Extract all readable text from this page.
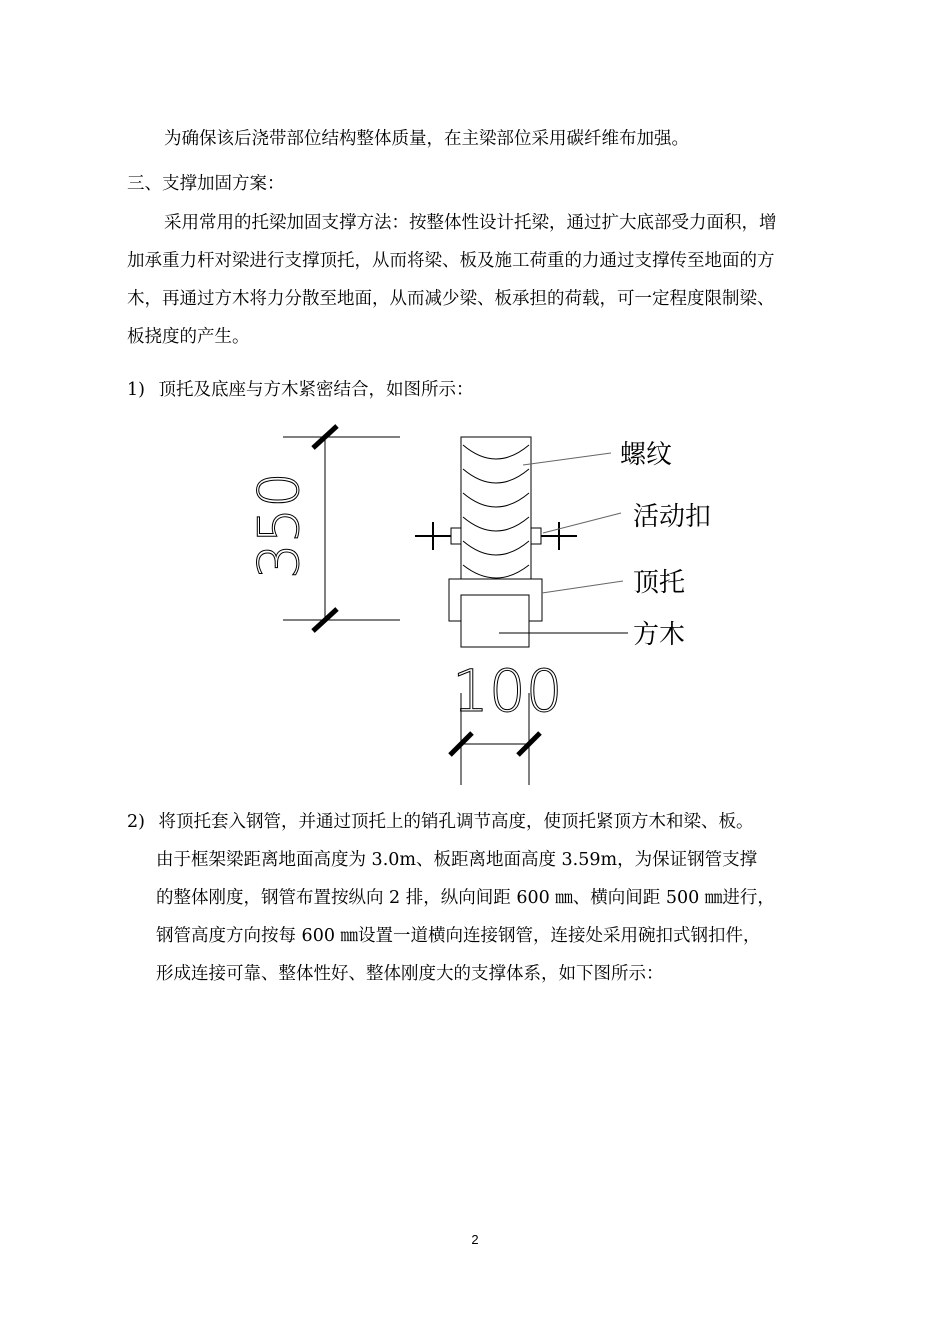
为确保该后浇带部位结构整体质量，在主梁部位采用碳纤维布加强。
三、支撑加固方案：
采用常用的托梁加固支撑方法：按整体性设计托梁，通过扩大底部受力面积，增
加承重力杆对梁进行支撑顶托，从而将梁、板及施工荷重的力通过支撑传至地面的方
木，再通过方木将力分散至地面，从而减少梁、板承担的荷载，可一定程度限制梁、
板挠度的产生。
1) 顶托及底座与方木紧密结合，如图所示：
350
螺纹
活动扣
顶托
方木
100
2) 将顶托套入钢管，并通过顶托上的销孔调节高度，使顶托紧顶方木和梁、板。
由于框架梁距离地面高度为 3.0m、板距离地面高度 3.59m，为保证钢管支撑
的整体刚度，钢管布置按纵向 2 排，纵向间距 600 ㎜、横向间距 500 ㎜进行，
钢管高度方向按每 600 ㎜设置一道横向连接钢管，连接处采用碗扣式钢扣件，
形成连接可靠、整体性好、整体刚度大的支撑体系，如下图所示：
2
